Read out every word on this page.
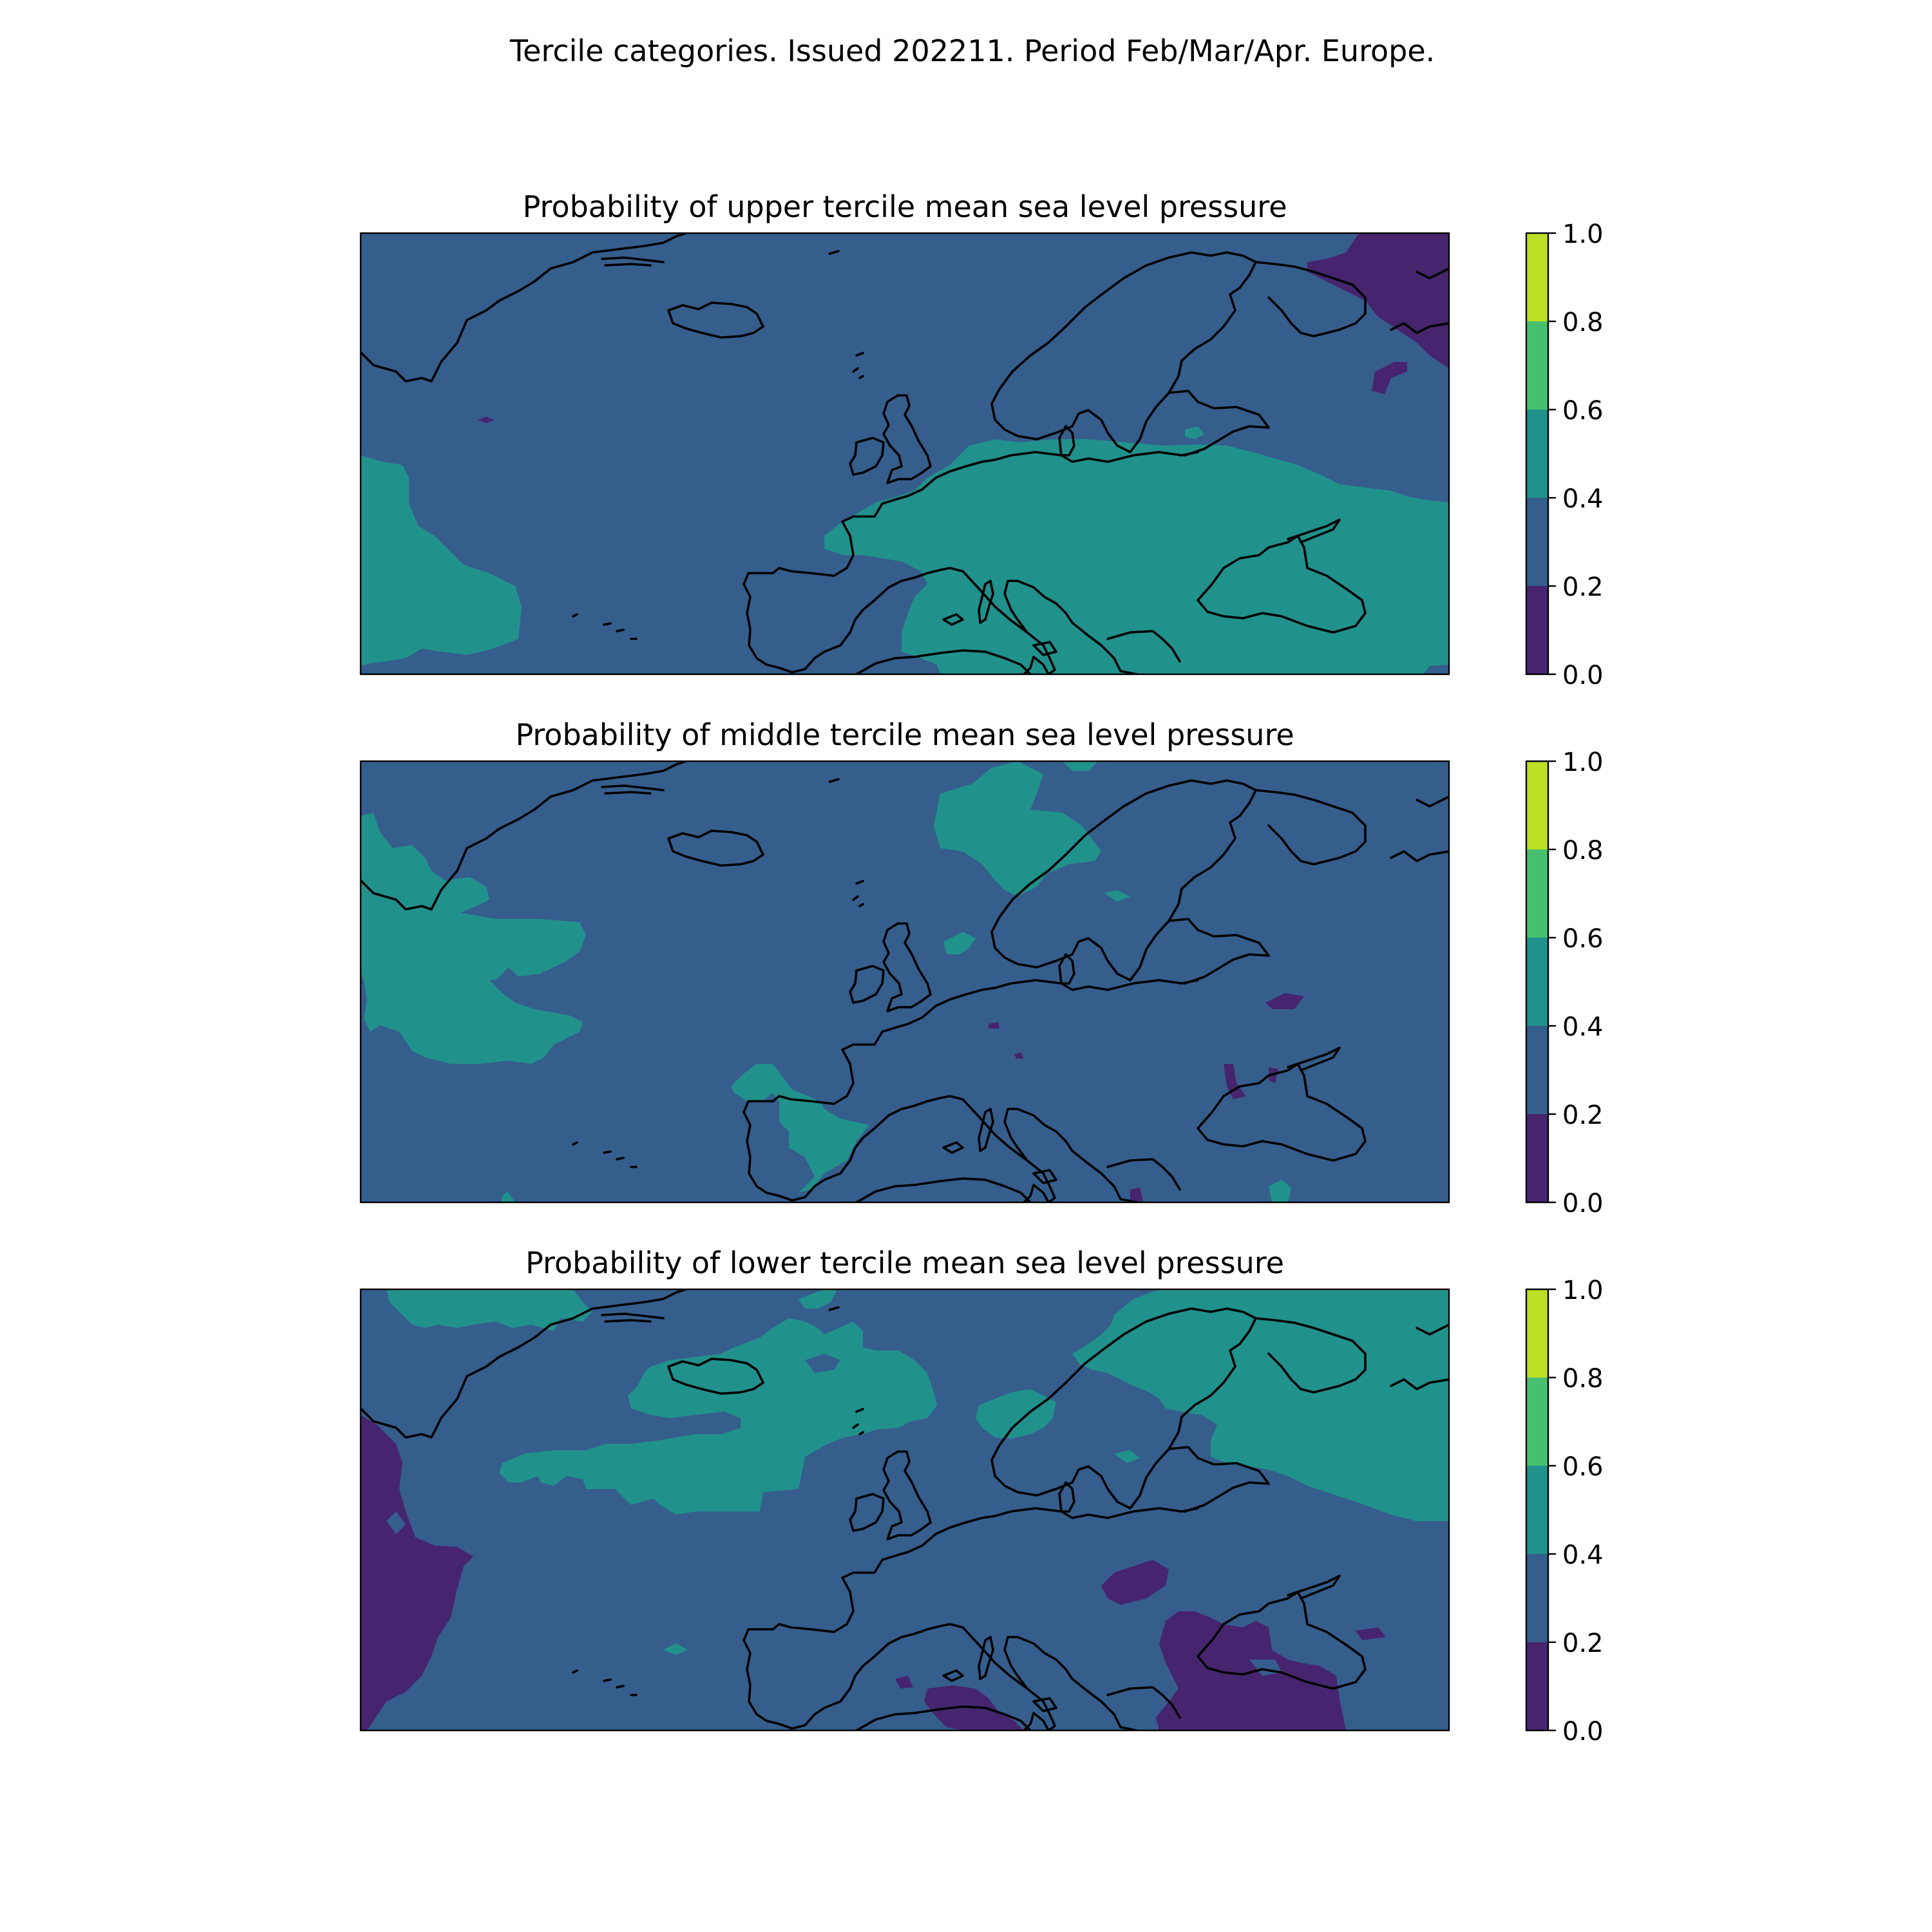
Tercile categories. Issued 202211. Period Feb/Mar/Apr. Europe.
Probability of upper tercile mean sea level pressure
Probability of middle tercile mean sea level pressure
Probability of lower tercile mean sea level pressure
0.0
0.2
0.4
0.6
0.8
1.0
0.0
0.2
0.4
0.6
0.8
1.0
0.0
0.2
0.4
0.6
0.8
1.0
